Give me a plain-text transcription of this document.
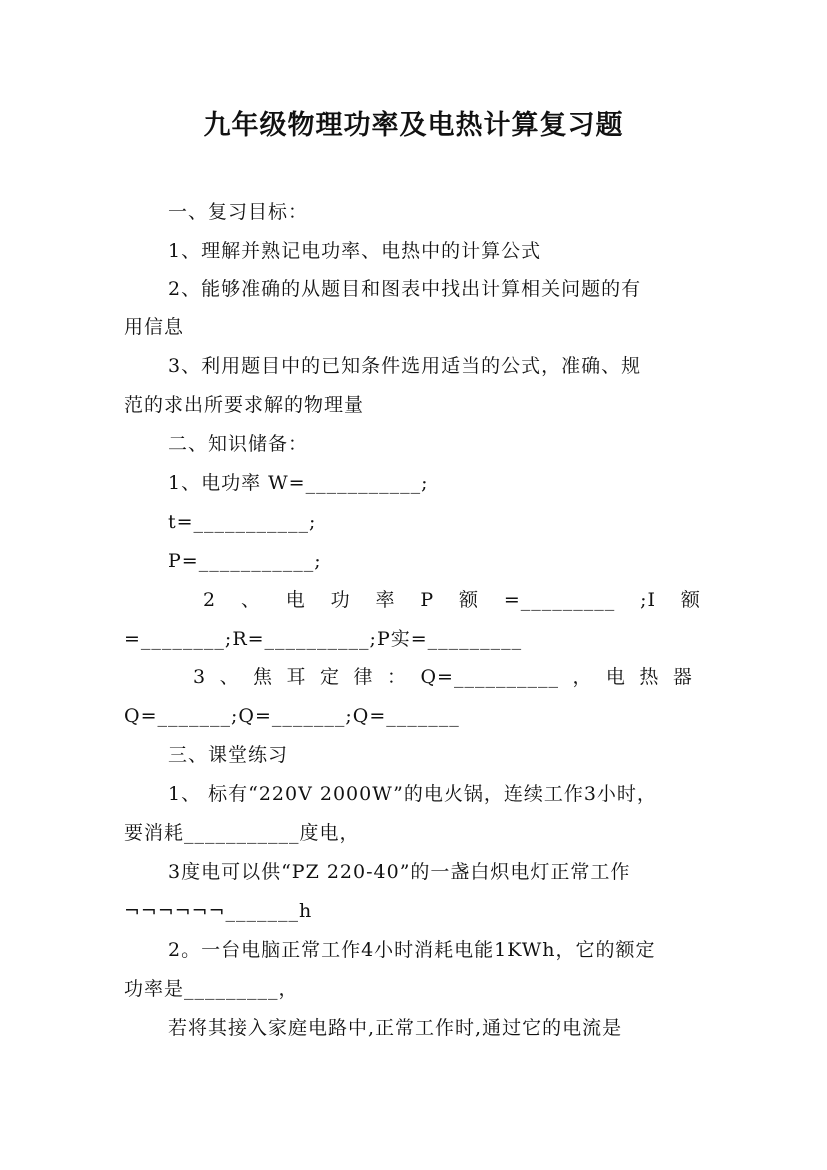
九年级物理功率及电热计算复习题
一、复习目标：
1、理解并熟记电功率、电热中的计算公式
2、能够准确的从题目和图表中找出计算相关问题的有
用信息
3、利用题目中的已知条件选用适当的公式，准确、规
范的求出所要求解的物理量
二、知识储备：
1、电功率 W=___________;
t=___________;
P=___________;
2 、 电 功 率 P 额 =_________ ;I 额
=________;R=__________;P实=_________
3 、 焦 耳 定 律 ： Q=__________ ， 电 热 器
Q=_______;Q=_______;Q=_______
三、课堂练习
1、 标有“220V 2000W”的电火锅，连续工作3小时，
要消耗___________度电，
3度电可以供“PZ 220-40”的一盏白炽电灯正常工作
¬¬¬¬¬¬_______h
2。一台电脑正常工作4小时消耗电能1KWh，它的额定
功率是_________，
若将其接入家庭电路中,正常工作时,通过它的电流是
